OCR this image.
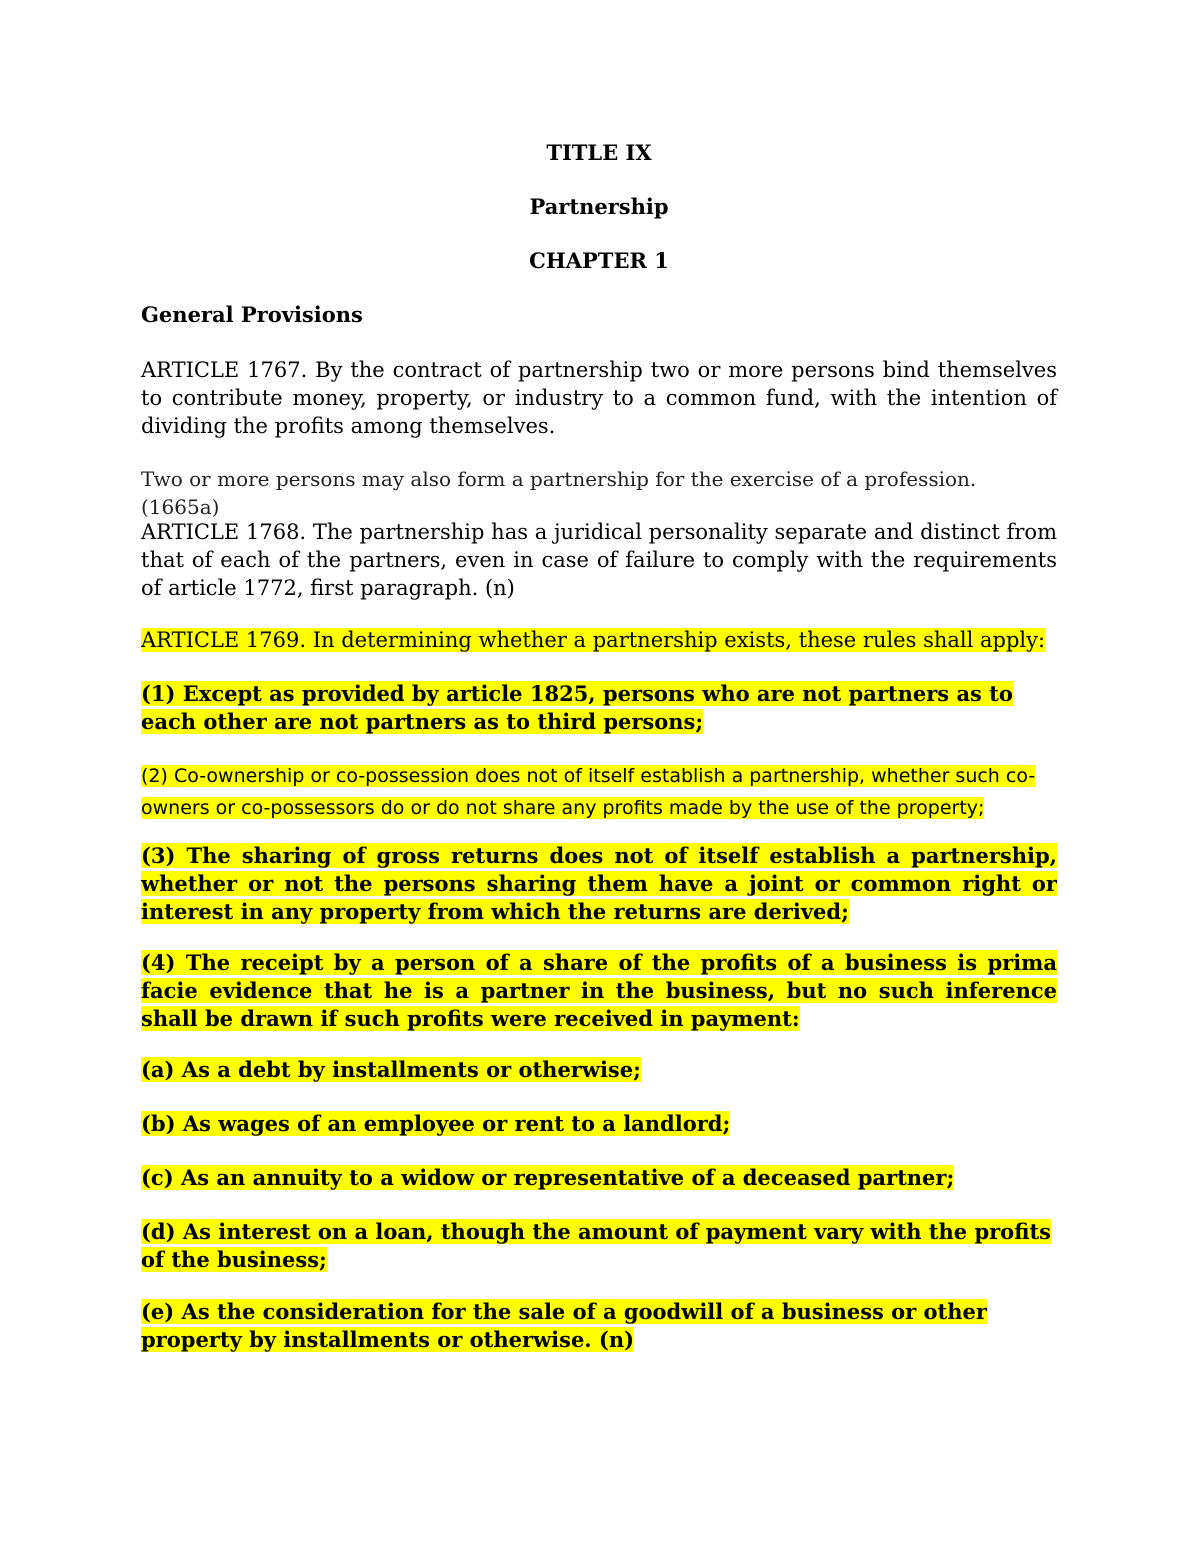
TITLE IX
Partnership
CHAPTER 1
General Provisions

ARTICLE 1767. By the contract of partnership two or more persons bind themselves to contribute money, property, or industry to a common fund, with the intention of dividing the profits among themselves.

Two or more persons may also form a partnership for the exercise of a profession. (1665a)

ARTICLE 1768. The partnership has a juridical personality separate and distinct from that of each of the partners, even in case of failure to comply with the requirements of article 1772, first paragraph. (n)

ARTICLE 1769. In determining whether a partnership exists, these rules shall apply:

(1) Except as provided by article 1825, persons who are not partners as to each other are not partners as to third persons;

(2) Co-ownership or co-possession does not of itself establish a partnership, whether such co-owners or co-possessors do or do not share any profits made by the use of the property;

(3) The sharing of gross returns does not of itself establish a partnership, whether or not the persons sharing them have a joint or common right or interest in any property from which the returns are derived;

(4) The receipt by a person of a share of the profits of a business is prima facie evidence that he is a partner in the business, but no such inference shall be drawn if such profits were received in payment:

(a) As a debt by installments or otherwise;

(b) As wages of an employee or rent to a landlord;

(c) As an annuity to a widow or representative of a deceased partner;

(d) As interest on a loan, though the amount of payment vary with the profits of the business;

(e) As the consideration for the sale of a goodwill of a business or other property by installments or otherwise. (n)
